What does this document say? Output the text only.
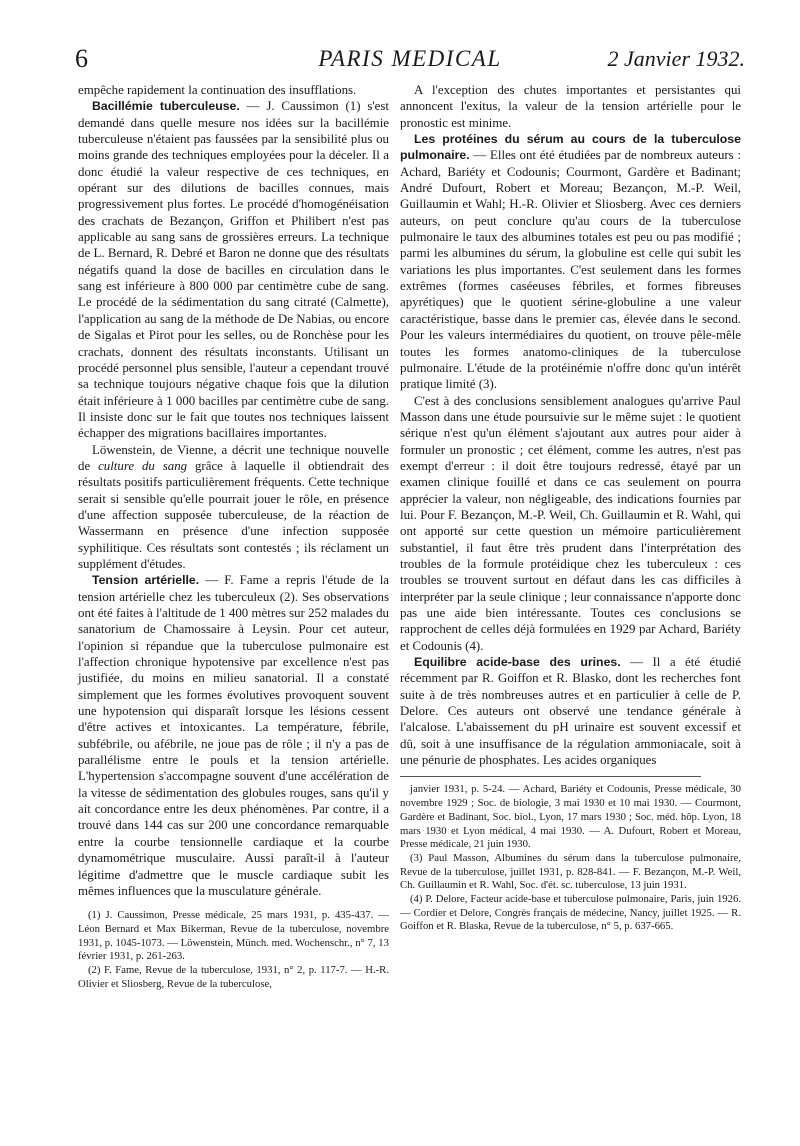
6	PARIS MEDICAL	2 Janvier 1932.

empêche rapidement la continuation des insufflations.

Bacillémie tuberculeuse. — J. Caussimon (1) s'est demandé dans quelle mesure nos idées sur la bacillémie tuberculeuse n'étaient pas faussées par la sensibilité plus ou moins grande des techniques employées pour la déceler. Il a donc étudié la valeur respective de ces techniques, en opérant sur des dilutions de bacilles connues, mais progressivement plus fortes. Le procédé d'homogénéisation des crachats de Bezançon, Griffon et Philibert n'est pas applicable au sang sans de grossières erreurs. La technique de L. Bernard, R. Debré et Baron ne donne que des résultats négatifs quand la dose de bacilles en circulation dans le sang est inférieure à 800 000 par centimètre cube de sang. Le procédé de la sédimentation du sang citraté (Calmette), l'application au sang de la méthode de De Nabias, ou encore de Sigalas et Pirot pour les selles, ou de Ronchèse pour les crachats, donnent des résultats inconstants. Utilisant un procédé personnel plus sensible, l'auteur a cependant trouvé sa technique toujours négative chaque fois que la dilution était inférieure à 1 000 bacilles par centimètre cube de sang. Il insiste donc sur le fait que toutes nos techniques laissent échapper des migrations bacillaires importantes.

Löwenstein, de Vienne, a décrit une technique nouvelle de culture du sang grâce à laquelle il obtiendrait des résultats positifs particulièrement fréquents. Cette technique serait si sensible qu'elle pourrait jouer le rôle, en présence d'une affection supposée tuberculeuse, de la réaction de Wassermann en présence d'une infection supposée syphilitique. Ces résultats sont contestés ; ils réclament un supplément d'études.

Tension artérielle. — F. Fame a repris l'étude de la tension artérielle chez les tuberculeux (2). Ses observations ont été faites à l'altitude de 1 400 mètres sur 252 malades du sanatorium de Chamossaire à Leysin. Pour cet auteur, l'opinion si répandue que la tuberculose pulmonaire est l'affection chronique hypotensive par excellence n'est pas justifiée, du moins en milieu sanatorial. Il a constaté simplement que les formes évolutives provoquent souvent une hypotension qui disparaît lorsque les lésions cessent d'être actives et intoxicantes. La température, fébrile, subfébrile, ou afébrile, ne joue pas de rôle ; il n'y a pas de parallélisme entre le pouls et la tension artérielle. L'hypertension s'accompagne souvent d'une accélération de la vitesse de sédimentation des globules rouges, sans qu'il y ait concordance entre les deux phénomènes. Par contre, il a trouvé dans 144 cas sur 200 une concordance remarquable entre la courbe tensionnelle cardiaque et la courbe dynamométrique musculaire. Aussi paraît-il à l'auteur légitime d'admettre que le muscle cardiaque subit les mêmes influences que la musculature générale.

(1) J. Caussimon, Presse médicale, 25 mars 1931, p. 435-437. — Léon Bernard et Max Bikerman, Revue de la tuberculose, novembre 1931, p. 1045-1073. — Löwenstein, Münch. med. Wochenschr., n° 7, 13 février 1931, p. 261-263.

(2) F. Fame, Revue de la tuberculose, 1931, n° 2, p. 117-7. — H.-R. Olivier et Sliosberg, Revue de la tuberculose,

A l'exception des chutes importantes et persistantes qui annoncent l'exitus, la valeur de la tension artérielle pour le pronostic est minime.

Les protéines du sérum au cours de la tuberculose pulmonaire. — Elles ont été étudiées par de nombreux auteurs : Achard, Bariéty et Codounis; Courmont, Gardère et Badinant; André Dufourt, Robert et Moreau; Bezançon, M.-P. Weil, Guillaumin et Wahl; H.-R. Olivier et Sliosberg. Avec ces derniers auteurs, on peut conclure qu'au cours de la tuberculose pulmonaire le taux des albumines totales est peu ou pas modifié ; parmi les albumines du sérum, la globuline est celle qui subit les variations les plus importantes. C'est seulement dans les formes extrêmes (formes caséeuses fébriles, et formes fibreuses apyrétiques) que le quotient sérine-globuline a une valeur caractéristique, basse dans le premier cas, élevée dans le second. Pour les valeurs intermédiaires du quotient, on trouve pêle-mêle toutes les formes anatomo-cliniques de la tuberculose pulmonaire. L'étude de la protéinémie n'offre donc qu'un intérêt pratique limité (3).

C'est à des conclusions sensiblement analogues qu'arrive Paul Masson dans une étude poursuivie sur le même sujet : le quotient sérique n'est qu'un élément s'ajoutant aux autres pour aider à formuler un pronostic ; cet élément, comme les autres, n'est pas exempt d'erreur : il doit être toujours redressé, étayé par un examen clinique fouillé et dans ce cas seulement on pourra apprécier la valeur, non négligeable, des indications fournies par lui. Pour F. Bezançon, M.-P. Weil, Ch. Guillaumin et R. Wahl, qui ont apporté sur cette question un mémoire particulièrement substantiel, il faut être très prudent dans l'interprétation des troubles de la formule protéidique chez les tuberculeux : ces troubles se trouvent surtout en défaut dans les cas difficiles à interpréter par la seule clinique ; leur connaissance n'apporte donc pas une aide bien intéressante. Toutes ces conclusions se rapprochent de celles déjà formulées en 1929 par Achard, Bariéty et Codounis (4).

Equilibre acide-base des urines. — Il a été étudié récemment par R. Goiffon et R. Blasko, dont les recherches font suite à de très nombreuses autres et en particulier à celle de P. Delore. Ces auteurs ont observé une tendance générale à l'alcalose. L'abaissement du pH urinaire est souvent excessif et dû, soit à une insuffisance de la régulation ammoniacale, soit à une pénurie de phosphates. Les acides organiques

janvier 1931, p. 5-24. — Achard, Bariéty et Codounis, Presse médicale, 30 novembre 1929 ; Soc. de biologie, 3 mai 1930 et 10 mai 1930. — Courmont, Gardère et Badinant, Soc. biol., Lyon, 17 mars 1930 ; Soc. méd. hôp. Lyon, 18 mars 1930 et Lyon médical, 4 mai 1930. — A. Dufourt, Robert et Moreau, Presse médicale, 21 juin 1930.

(3) Paul Masson, Albumines du sérum dans la tuberculose pulmonaire, Revue de la tuberculose, juillet 1931, p. 828-841. — F. Bezançon, M.-P. Weil, Ch. Guillaumin et R. Wahl, Soc. d'ét. sc. tuberculose, 13 juin 1931.

(4) P. Delore, Facteur acide-base et tuberculose pulmonaire, Paris, juin 1926. — Cordier et Delore, Congrès français de médecine, Nancy, juillet 1925. — R. Goiffon et R. Blaska, Revue de la tuberculose, n° 5, p. 637-665.
